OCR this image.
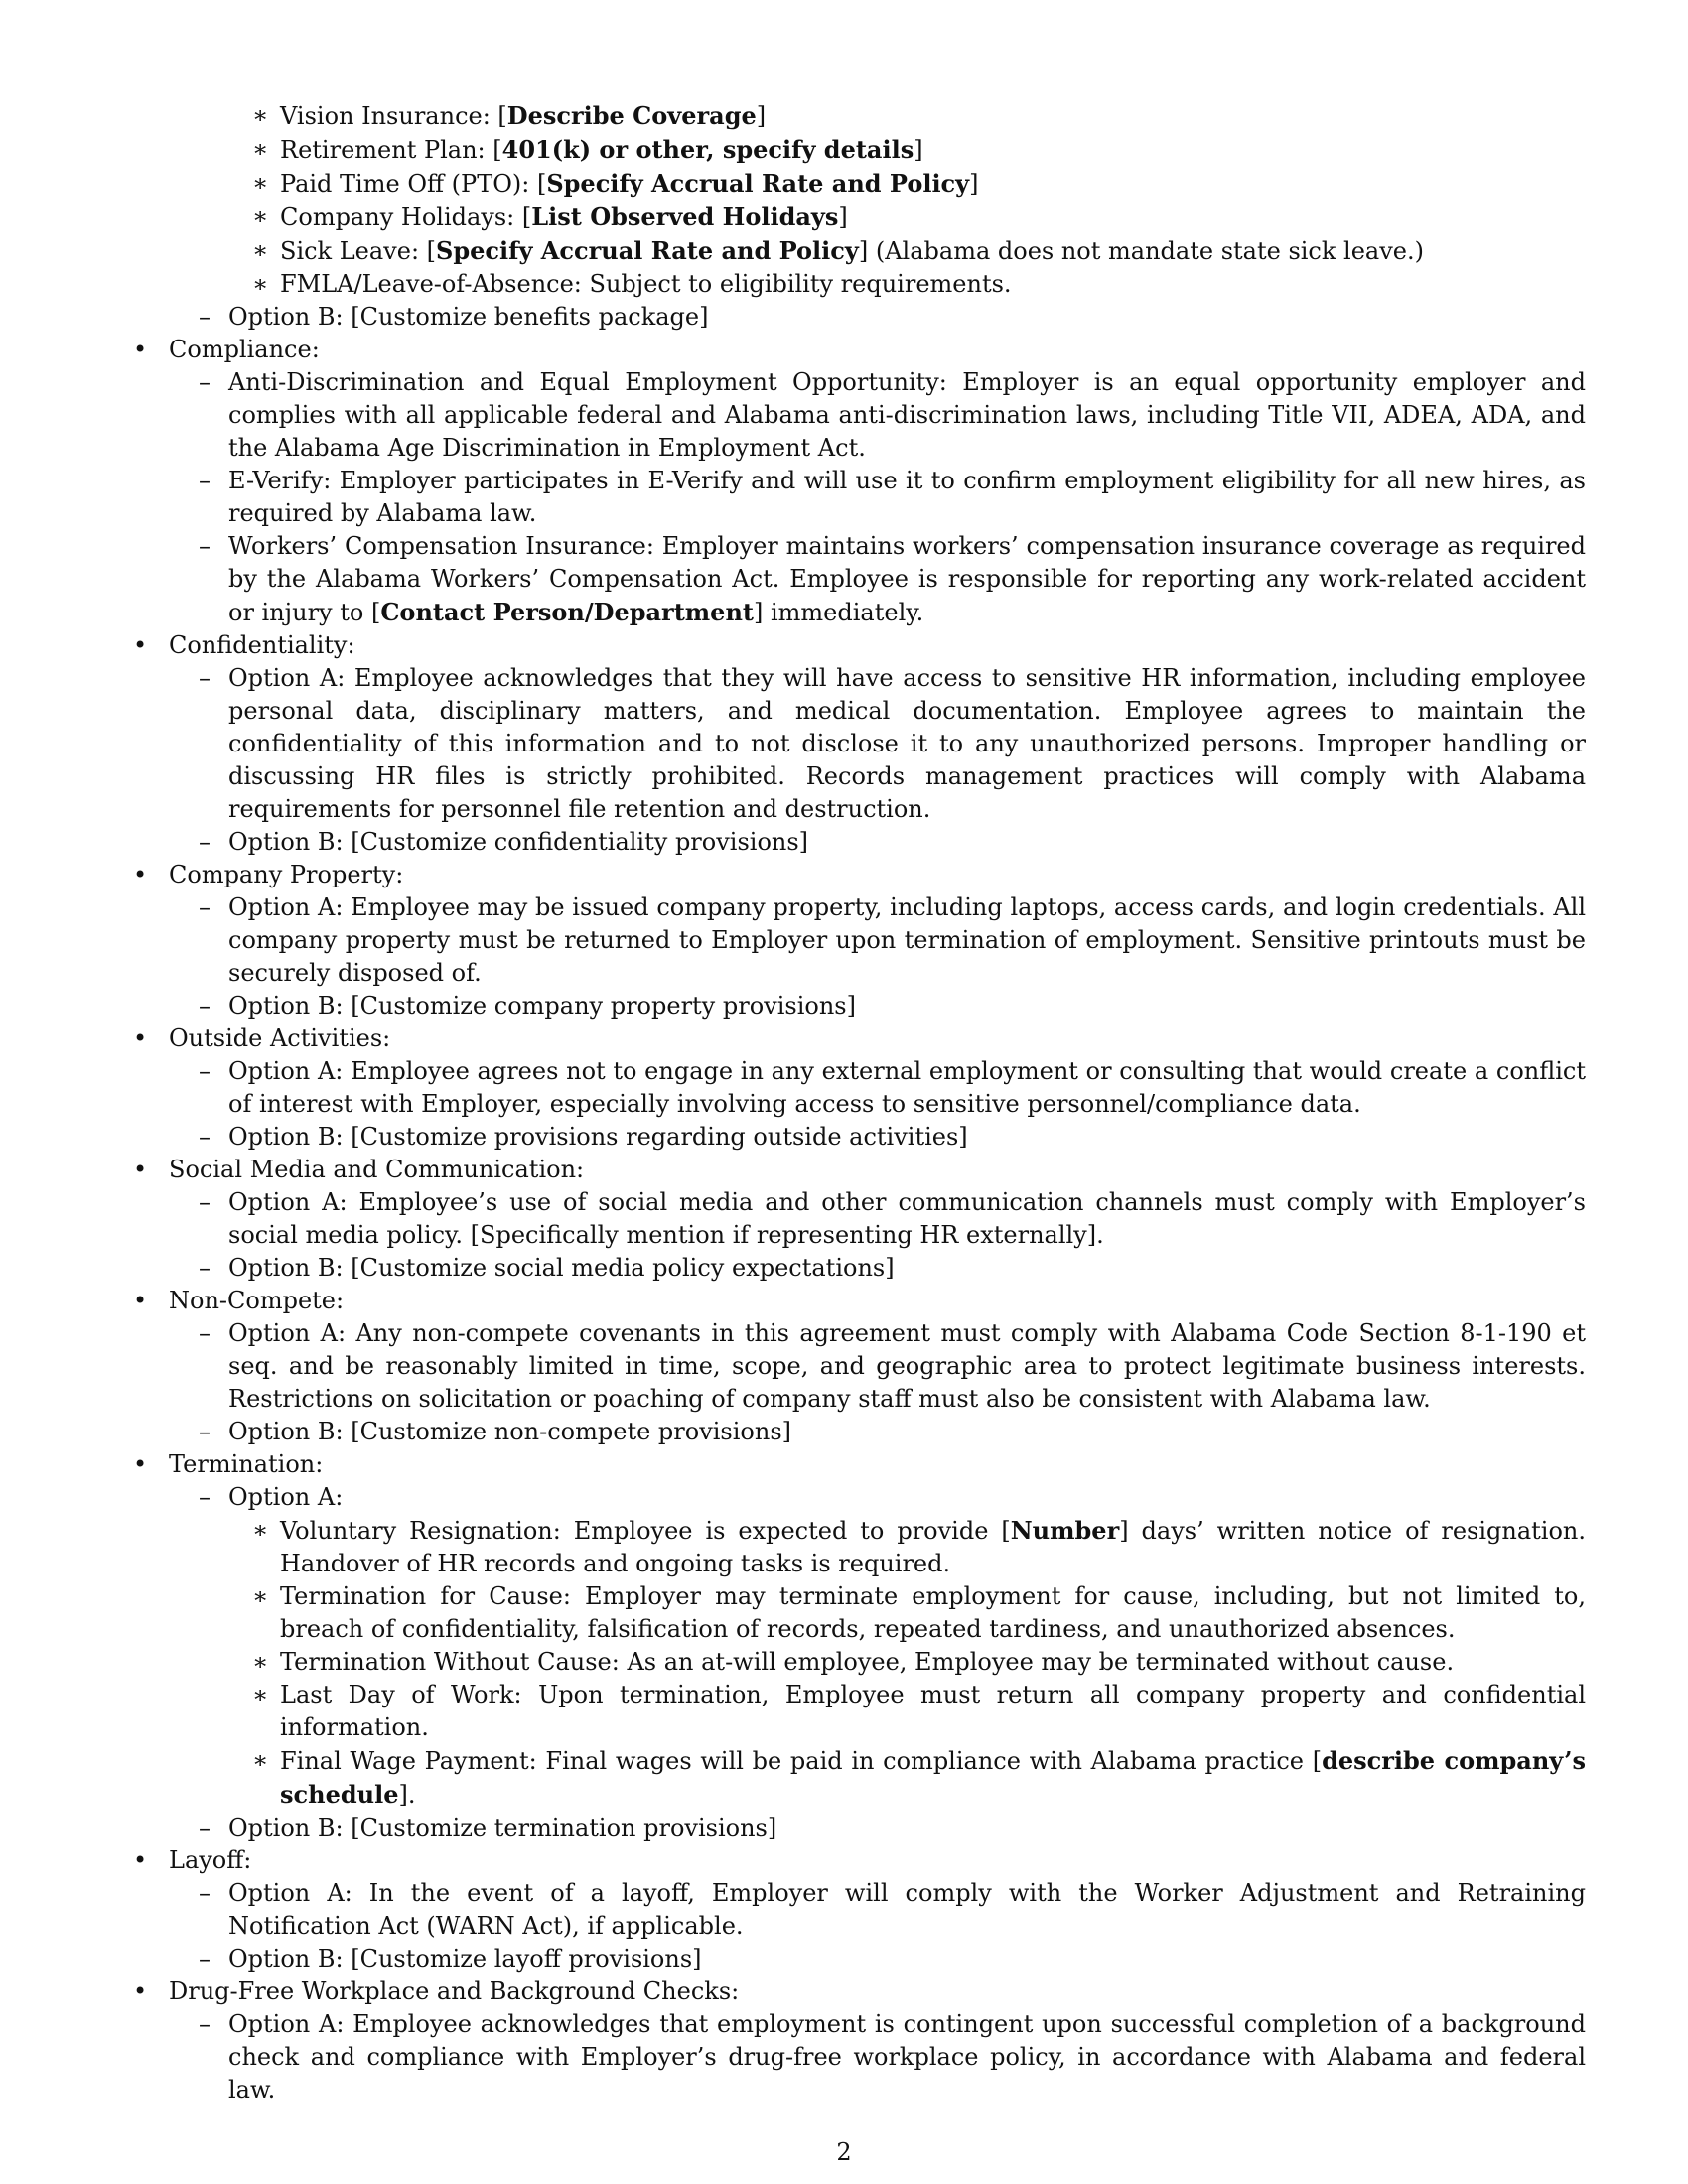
∗ Vision Insurance: [Describe Coverage]
∗ Retirement Plan: [401(k) or other, specify details]
∗ Paid Time Off (PTO): [Specify Accrual Rate and Policy]
∗ Company Holidays: [List Observed Holidays]
∗ Sick Leave: [Specify Accrual Rate and Policy] (Alabama does not mandate state sick leave.)
∗ FMLA/Leave-of-Absence: Subject to eligibility requirements.
– Option B: [Customize benefits package]
• Compliance:
– Anti-Discrimination and Equal Employment Opportunity: Employer is an equal opportunity employer and complies with all applicable federal and Alabama anti-discrimination laws, including Title VII, ADEA, ADA, and the Alabama Age Discrimination in Employment Act.
– E-Verify: Employer participates in E-Verify and will use it to confirm employment eligibility for all new hires, as required by Alabama law.
– Workers’ Compensation Insurance: Employer maintains workers’ compensation insurance coverage as required by the Alabama Workers’ Compensation Act. Employee is responsible for reporting any work-related accident or injury to [Contact Person/Department] immediately.
• Confidentiality:
– Option A: Employee acknowledges that they will have access to sensitive HR information, including employee personal data, disciplinary matters, and medical documentation. Employee agrees to maintain the confidentiality of this information and to not disclose it to any unauthorized persons. Improper handling or discussing HR files is strictly prohibited. Records management practices will comply with Alabama requirements for personnel file retention and destruction.
– Option B: [Customize confidentiality provisions]
• Company Property:
– Option A: Employee may be issued company property, including laptops, access cards, and login credentials. All company property must be returned to Employer upon termination of employment. Sensitive printouts must be securely disposed of.
– Option B: [Customize company property provisions]
• Outside Activities:
– Option A: Employee agrees not to engage in any external employment or consulting that would create a conflict of interest with Employer, especially involving access to sensitive personnel/compliance data.
– Option B: [Customize provisions regarding outside activities]
• Social Media and Communication:
– Option A: Employee’s use of social media and other communication channels must comply with Employer’s social media policy. [Specifically mention if representing HR externally].
– Option B: [Customize social media policy expectations]
• Non-Compete:
– Option A: Any non-compete covenants in this agreement must comply with Alabama Code Section 8-1-190 et seq. and be reasonably limited in time, scope, and geographic area to protect legitimate business interests. Restrictions on solicitation or poaching of company staff must also be consistent with Alabama law.
– Option B: [Customize non-compete provisions]
• Termination:
– Option A:
∗ Voluntary Resignation: Employee is expected to provide [Number] days’ written notice of resignation. Handover of HR records and ongoing tasks is required.
∗ Termination for Cause: Employer may terminate employment for cause, including, but not limited to, breach of confidentiality, falsification of records, repeated tardiness, and unauthorized absences.
∗ Termination Without Cause: As an at-will employee, Employee may be terminated without cause.
∗ Last Day of Work: Upon termination, Employee must return all company property and confidential information.
∗ Final Wage Payment: Final wages will be paid in compliance with Alabama practice [describe company’s schedule].
– Option B: [Customize termination provisions]
• Layoff:
– Option A: In the event of a layoff, Employer will comply with the Worker Adjustment and Retraining Notification Act (WARN Act), if applicable.
– Option B: [Customize layoff provisions]
• Drug-Free Workplace and Background Checks:
– Option A: Employee acknowledges that employment is contingent upon successful completion of a background check and compliance with Employer’s drug-free workplace policy, in accordance with Alabama and federal law.
2
